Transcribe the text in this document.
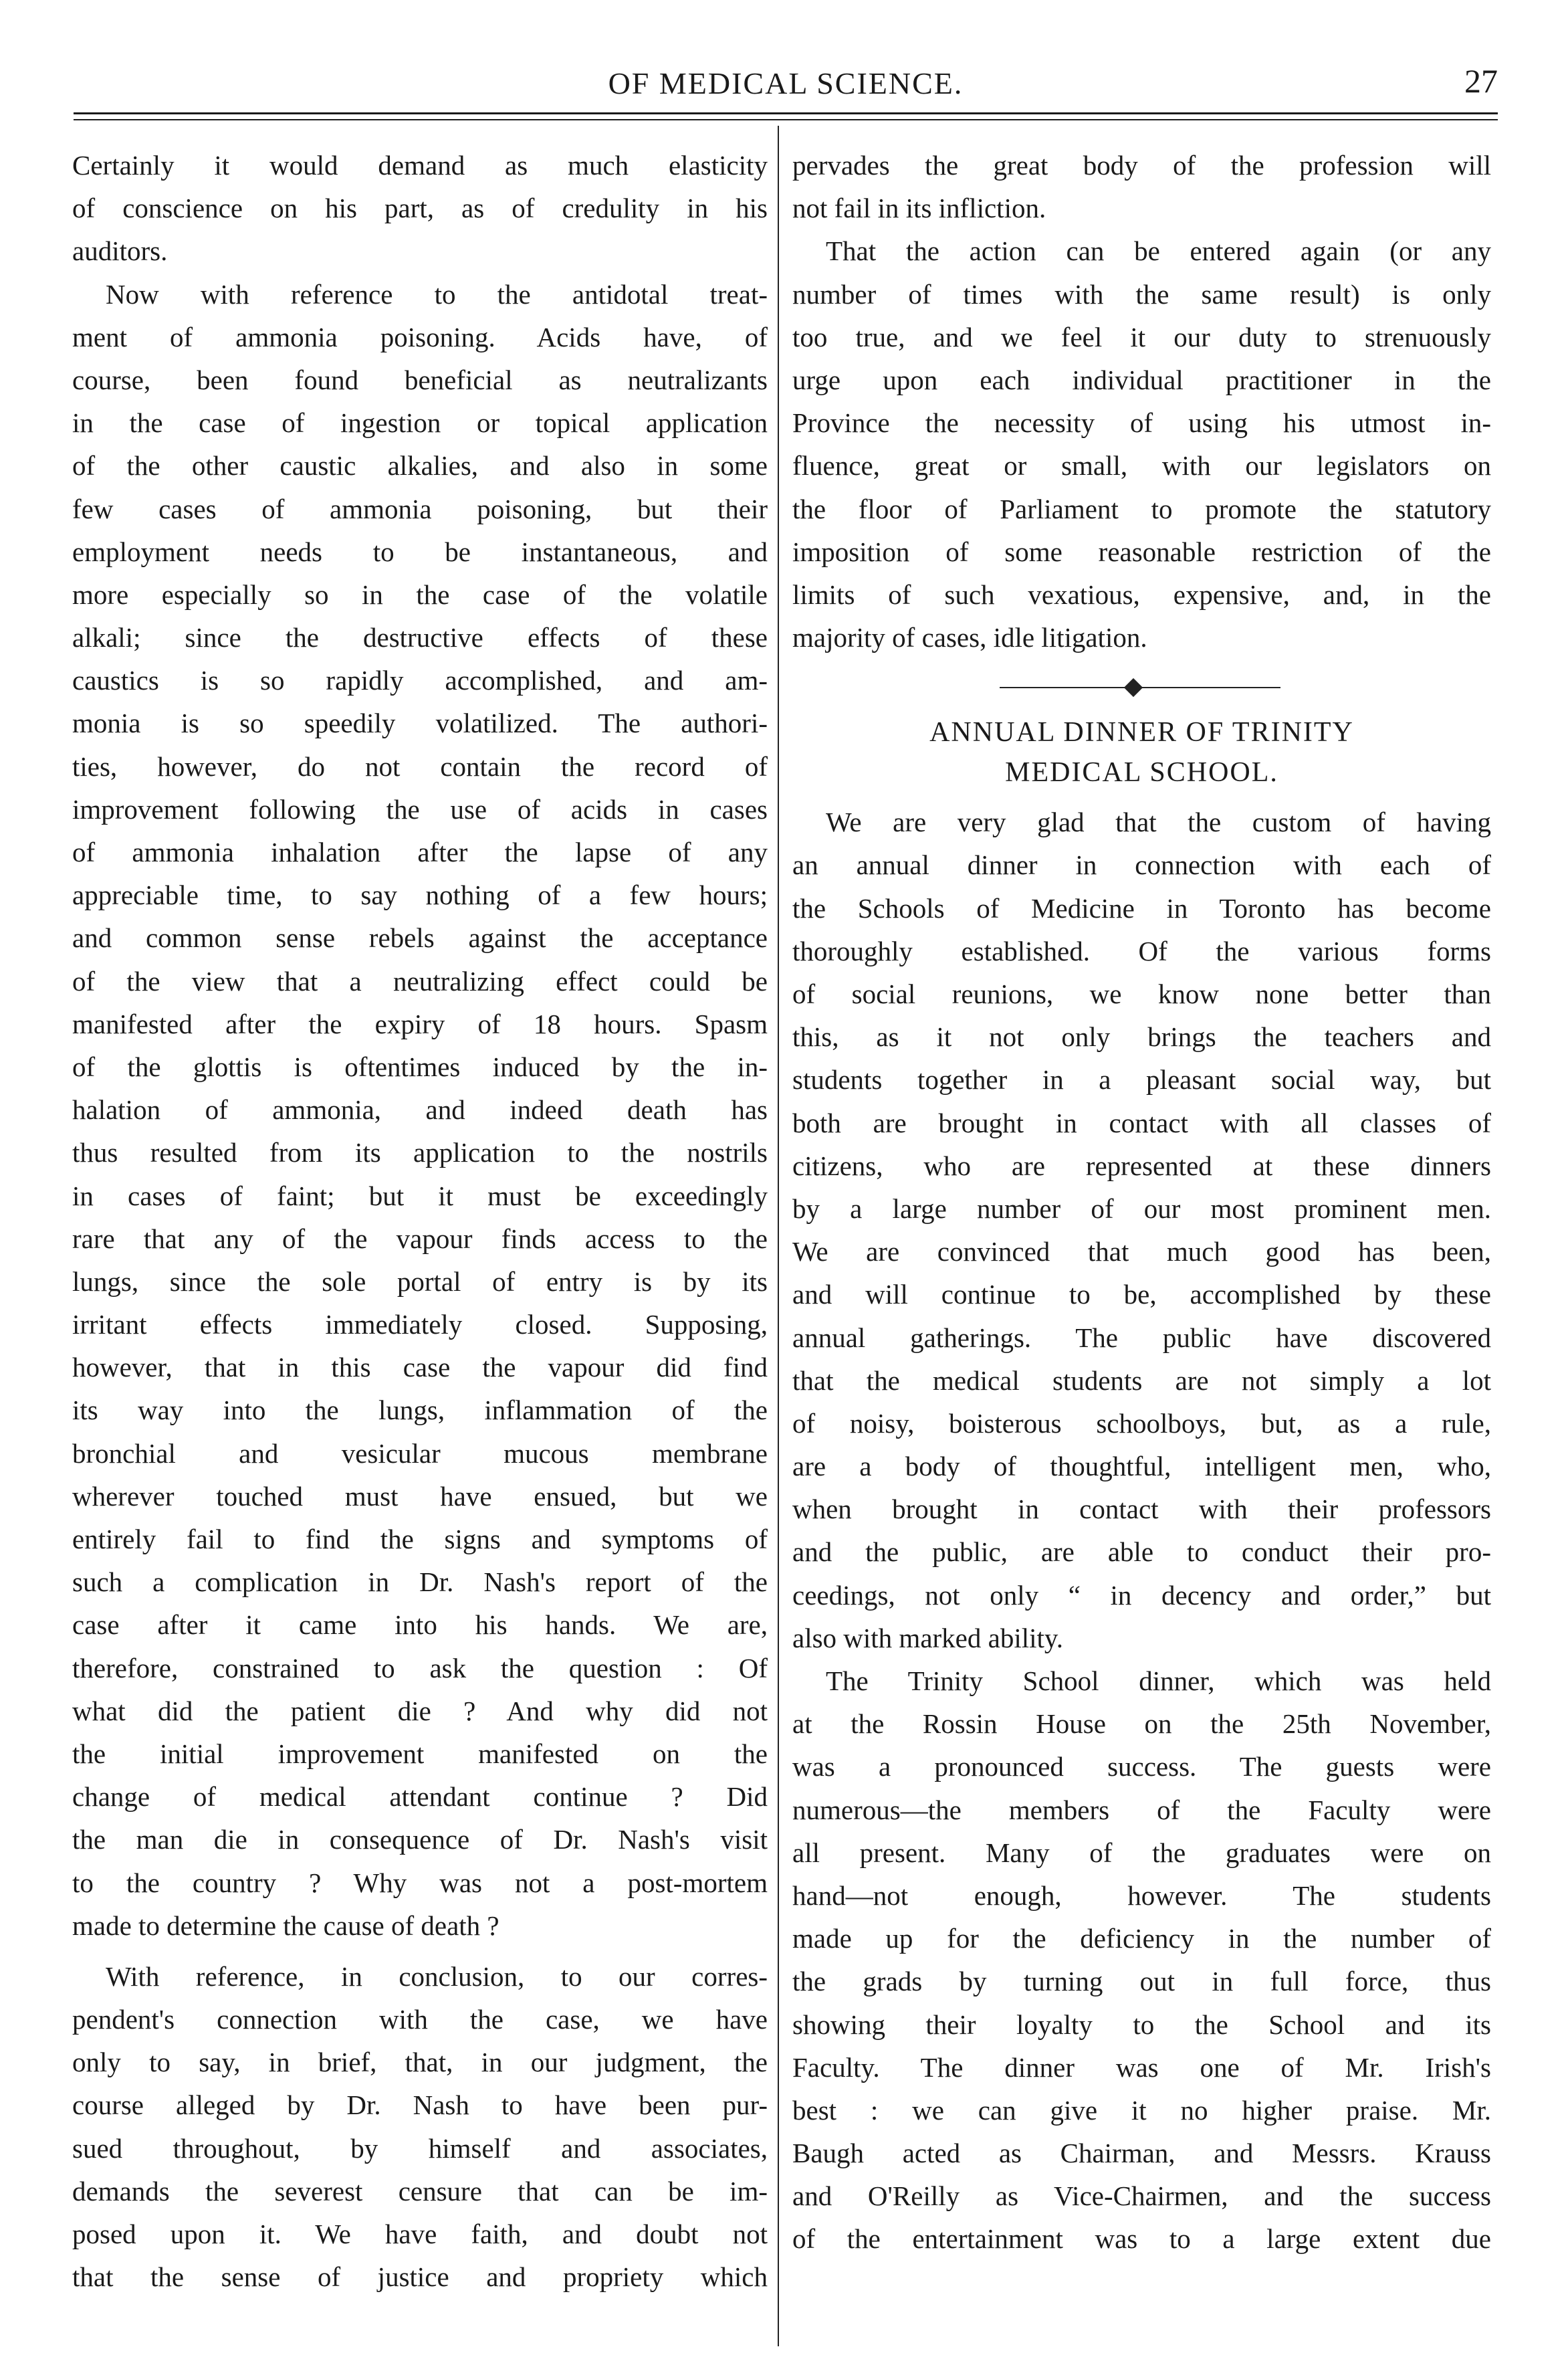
OF MEDICAL SCIENCE.	27
Certainly it would demand as much elasticity
of conscience on his part, as of credulity in his
auditors.
Now with reference to the antidotal treat-
ment of ammonia poisoning. Acids have, of
course, been found beneficial as neutralizants
in the case of ingestion or topical application
of the other caustic alkalies, and also in some
few cases of ammonia poisoning, but their
employment needs to be instantaneous, and
more especially so in the case of the volatile
alkali; since the destructive effects of these
caustics is so rapidly accomplished, and am-
monia is so speedily volatilized. The authori-
ties, however, do not contain the record of
improvement following the use of acids in cases
of ammonia inhalation after the lapse of any
appreciable time, to say nothing of a few hours;
and common sense rebels against the acceptance
of the view that a neutralizing effect could be
manifested after the expiry of 18 hours. Spasm
of the glottis is oftentimes induced by the in-
halation of ammonia, and indeed death has
thus resulted from its application to the nostrils
in cases of faint; but it must be exceedingly
rare that any of the vapour finds access to the
lungs, since the sole portal of entry is by its
irritant effects immediately closed. Supposing,
however, that in this case the vapour did find
its way into the lungs, inflammation of the
bronchial and vesicular mucous membrane
wherever touched must have ensued, but we
entirely fail to find the signs and symptoms of
such a complication in Dr. Nash's report of the
case after it came into his hands. We are,
therefore, constrained to ask the question : Of
what did the patient die ? And why did not
the initial improvement manifested on the
change of medical attendant continue ? Did
the man die in consequence of Dr. Nash's visit
to the country ? Why was not a post-mortem
made to determine the cause of death ?
With reference, in conclusion, to our corres-
pendent's connection with the case, we have
only to say, in brief, that, in our judgment, the
course alleged by Dr. Nash to have been pur-
sued throughout, by himself and associates,
demands the severest censure that can be im-
posed upon it. We have faith, and doubt not
that the sense of justice and propriety which
pervades the great body of the profession will
not fail in its infliction.
That the action can be entered again (or any
number of times with the same result) is only
too true, and we feel it our duty to strenuously
urge upon each individual practitioner in the
Province the necessity of using his utmost in-
fluence, great or small, with our legislators on
the floor of Parliament to promote the statutory
imposition of some reasonable restriction of the
limits of such vexatious, expensive, and, in the
majority of cases, idle litigation.
ANNUAL DINNER OF TRINITY
MEDICAL SCHOOL.
We are very glad that the custom of having
an annual dinner in connection with each of
the Schools of Medicine in Toronto has become
thoroughly established. Of the various forms
of social reunions, we know none better than
this, as it not only brings the teachers and
students together in a pleasant social way, but
both are brought in contact with all classes of
citizens, who are represented at these dinners
by a large number of our most prominent men.
We are convinced that much good has been,
and will continue to be, accomplished by these
annual gatherings. The public have discovered
that the medical students are not simply a lot
of noisy, boisterous schoolboys, but, as a rule,
are a body of thoughtful, intelligent men, who,
when brought in contact with their professors
and the public, are able to conduct their pro-
ceedings, not only “ in decency and order,” but
also with marked ability.
The Trinity School dinner, which was held
at the Rossin House on the 25th November,
was a pronounced success. The guests were
numerous—the members of the Faculty were
all present. Many of the graduates were on
hand—not enough, however. The students
made up for the deficiency in the number of
the grads by turning out in full force, thus
showing their loyalty to the School and its
Faculty. The dinner was one of Mr. Irish's
best : we can give it no higher praise. Mr.
Baugh acted as Chairman, and Messrs. Krauss
and O'Reilly as Vice-Chairmen, and the success
of the entertainment was to a large extent due
